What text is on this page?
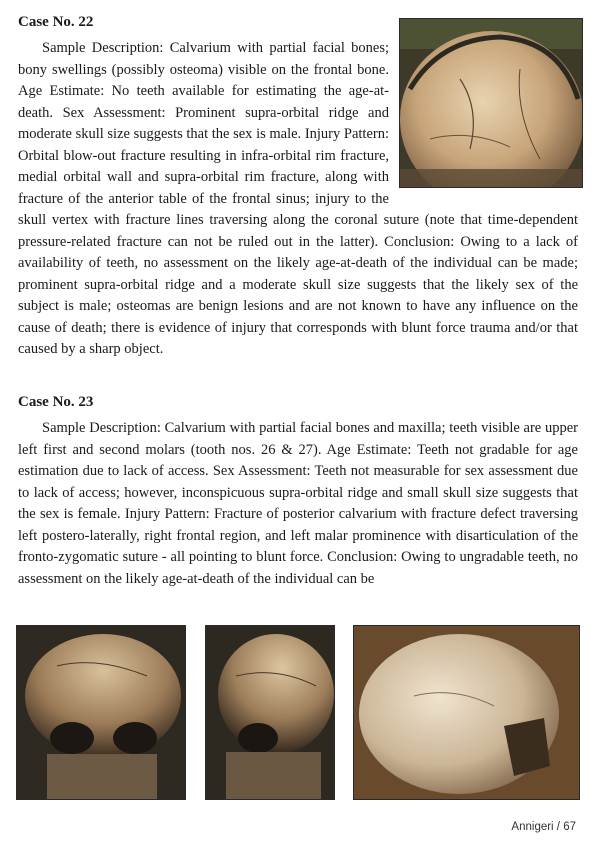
Case No. 22
Sample Description: Calvarium with partial facial bones; bony swellings (possibly osteoma) visible on the frontal bone. Age Estimate: No teeth available for estimating the age-at-death. Sex Assessment: Prominent supra-orbital ridge and moderate skull size suggests that the sex is male. Injury Pattern: Orbital blow-out fracture resulting in infra-orbital rim fracture, medial orbital wall and supra-orbital rim fracture, along with fracture of the anterior table of the frontal sinus; injury to the skull vertex with fracture lines traversing along the coronal suture (note that time-dependent pressure-related fracture can not be ruled out in the latter). Conclusion: Owing to a lack of availability of teeth, no assessment on the likely age-at-death of the individual can be made; prominent supra-orbital ridge and a moderate skull size suggests that the likely sex of the subject is male; osteomas are benign lesions and are not known to have any influence on the cause of death; there is evidence of injury that corresponds with blunt force trauma and/or that caused by a sharp object.
Case No. 23
Sample Description: Calvarium with partial facial bones and maxilla; teeth visible are upper left first and second molars (tooth nos. 26 & 27). Age Estimate: Teeth not gradable for age estimation due to lack of access. Sex Assessment: Teeth not measurable for sex assessment due to lack of access; however, inconspicuous supra-orbital ridge and small skull size suggests that the sex is female. Injury Pattern: Fracture of posterior calvarium with fracture defect traversing left postero-laterally, right frontal region, and left malar prominence with disarticulation of the fronto-zygomatic suture - all pointing to blunt force. Conclusion: Owing to ungradable teeth, no assessment on the likely age-at-death of the individual can be
Annigeri / 67
